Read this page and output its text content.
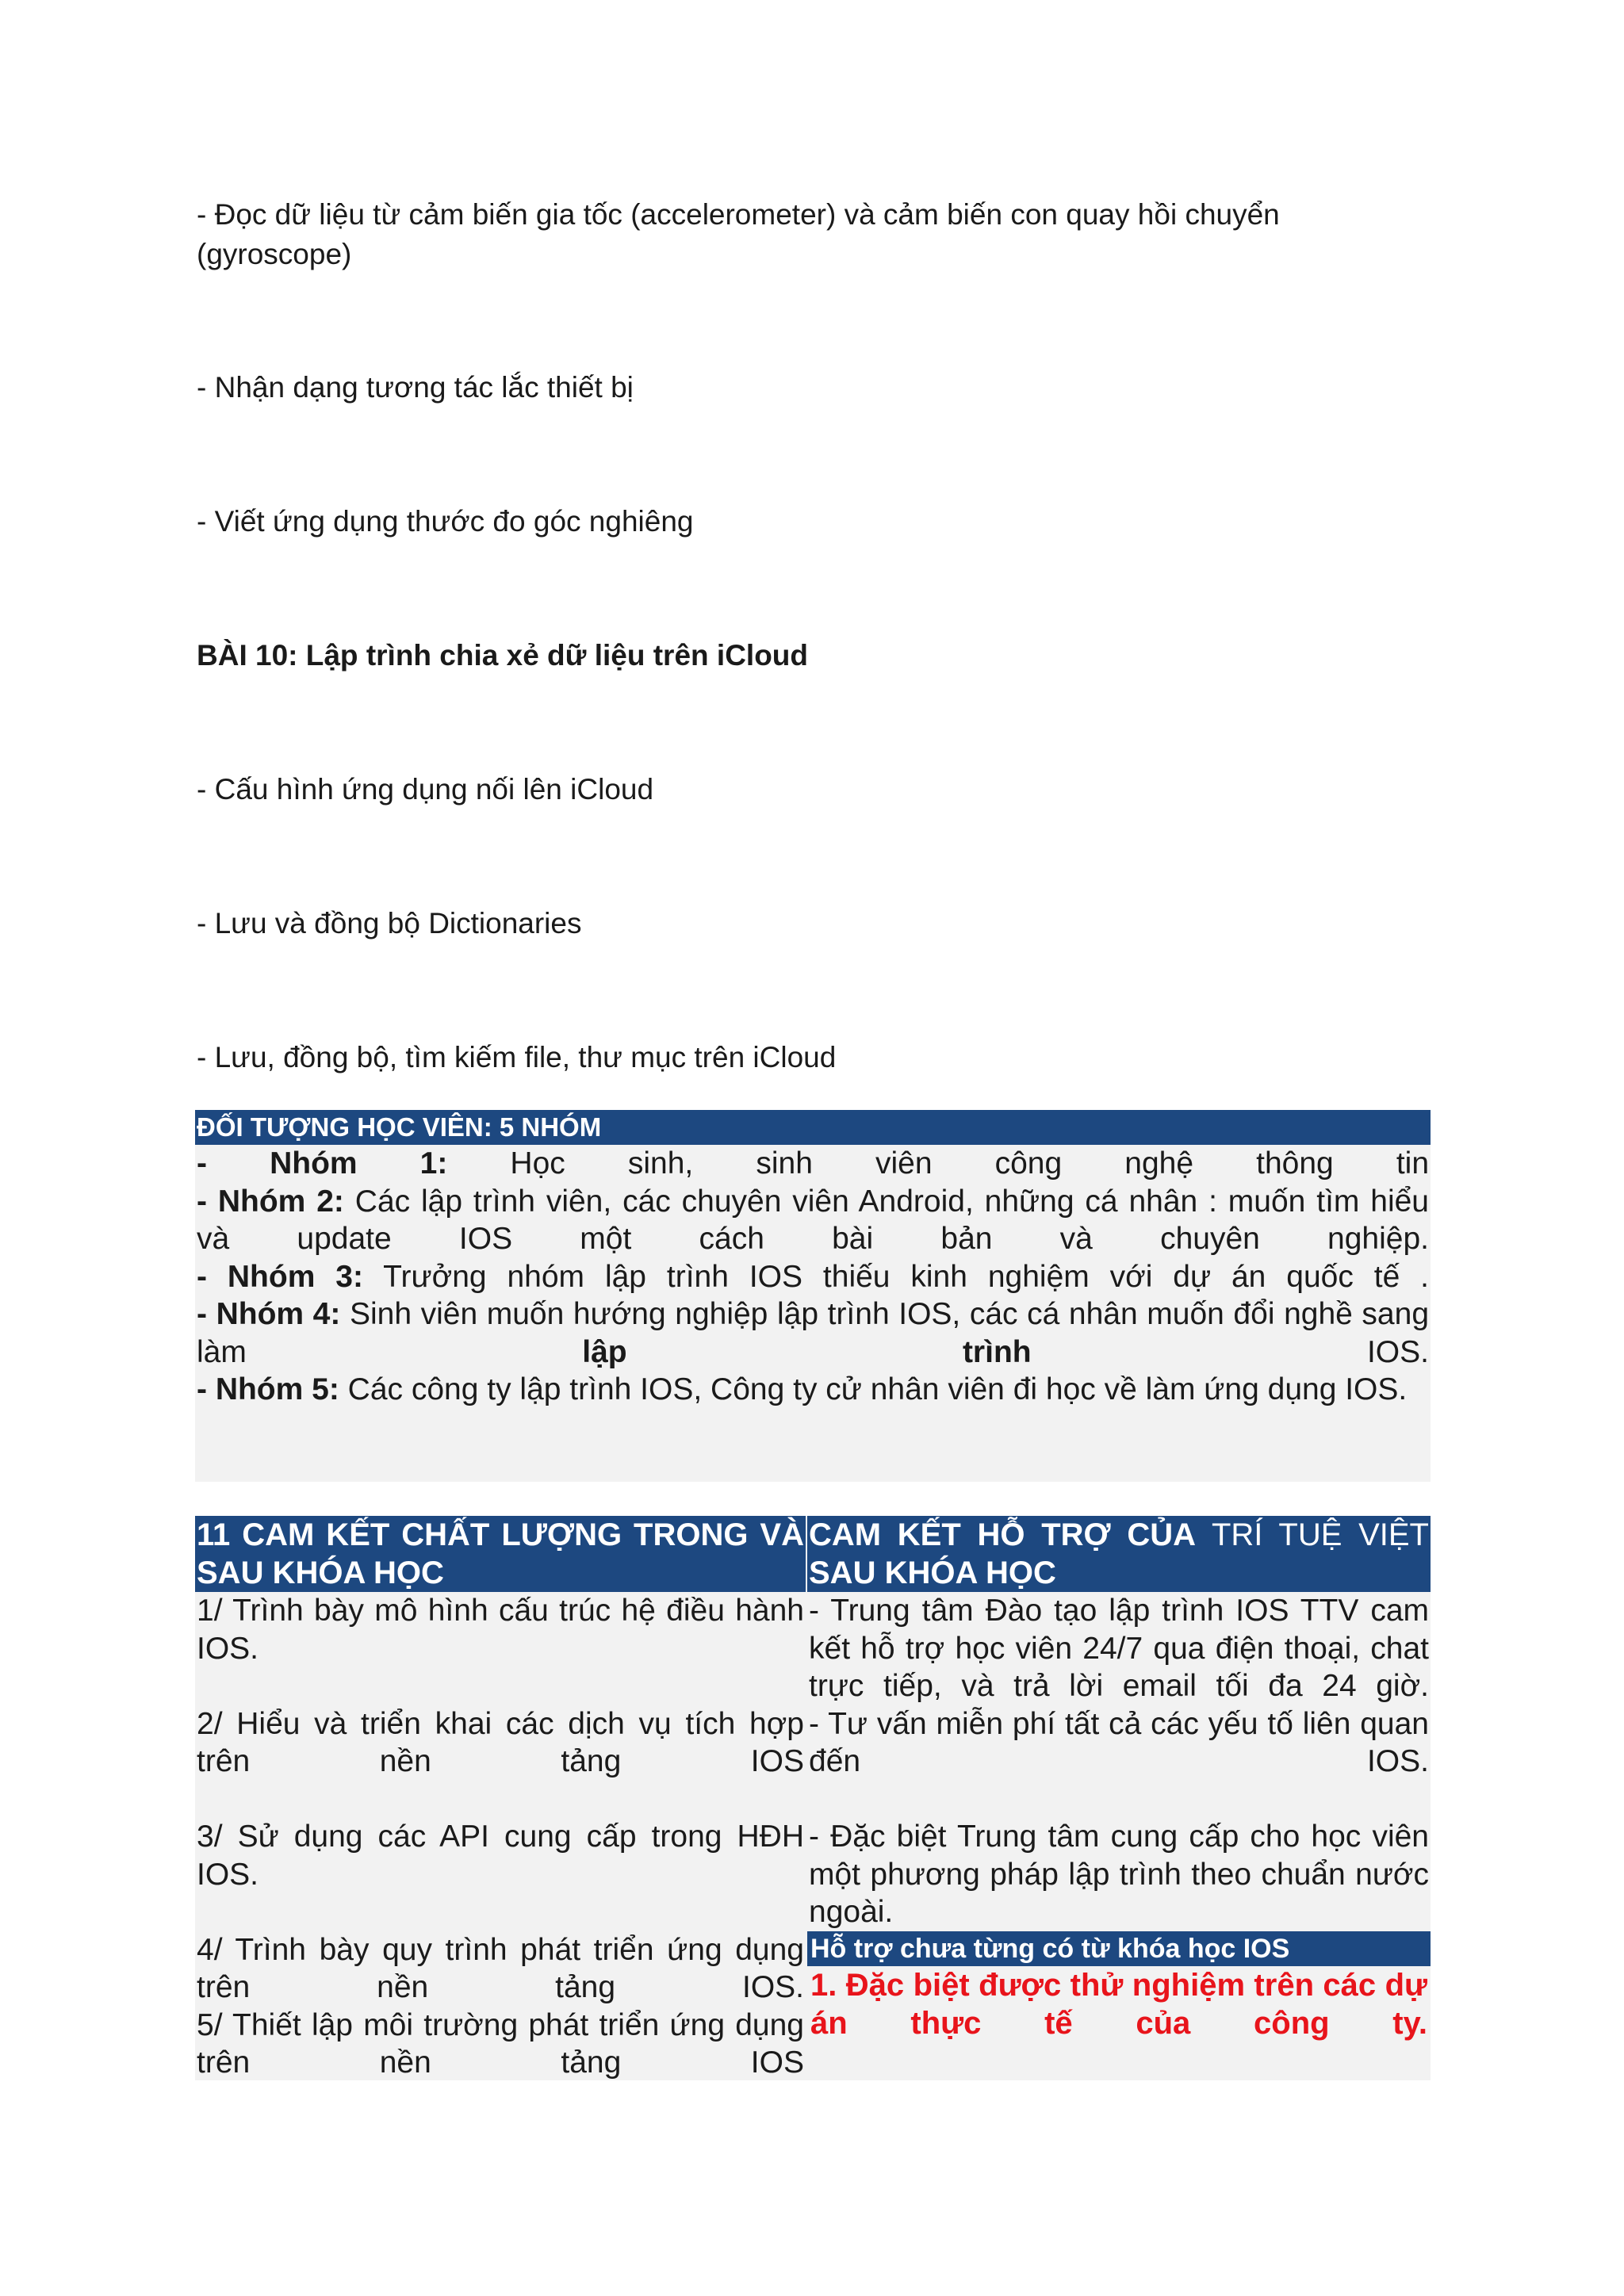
- Đọc dữ liệu từ cảm biến gia tốc (accelerometer) và cảm biến con quay hồi chuyển

(gyroscope)

- Nhận dạng tương tác lắc thiết bị

- Viết ứng dụng thước đo góc nghiêng

BÀI 10: Lập trình chia xẻ dữ liệu trên iCloud

- Cấu hình ứng dụng nối lên iCloud

- Lưu và đồng bộ Dictionaries

- Lưu, đồng bộ, tìm kiếm file, thư mục trên iCloud

ĐỐI TƯỢNG HỌC VIÊN: 5 NHÓM

- Nhóm 1: Học sinh, sinh viên công nghệ thông tin

- Nhóm 2: Các lập trình viên, các chuyên viên Android, những cá nhân : muốn tìm hiểu và update IOS một cách bài bản và chuyên nghiệp.

- Nhóm 3: Trưởng nhóm lập trình IOS thiếu kinh nghiệm với dự án quốc tế .

- Nhóm 4: Sinh viên muốn hướng nghiệp lập trình IOS, các cá nhân muốn đổi nghề sang làm lập trình IOS.

- Nhóm 5: Các công ty lập trình IOS, Công ty cử nhân viên đi học về làm ứng dụng IOS.

11 CAM KẾT CHẤT LƯỢNG TRONG VÀ SAU KHÓA HỌC

1/ Trình bày mô hình cấu trúc hệ điều hành IOS.

2/ Hiểu và triển khai các dịch vụ tích hợp trên nền tảng IOS

3/ Sử dụng các API cung cấp trong HĐH IOS.

4/ Trình bày quy trình phát triển ứng dụng trên nền tảng IOS.

5/ Thiết lập môi trường phát triển ứng dụng trên nền tảng IOS

CAM KẾT HỖ TRỢ CỦA TRÍ TUỆ VIỆT SAU KHÓA HỌC

- Trung tâm Đào tạo lập trình IOS TTV cam kết hỗ trợ học viên 24/7 qua điện thoại, chat trực tiếp, và trả lời email tối đa 24 giờ.

- Tư vấn miễn phí tất cả các yếu tố liên quan đến IOS.

- Đặc biệt Trung tâm cung cấp cho học viên một phương pháp lập trình theo chuẩn nước ngoài.

Hỗ trợ chưa từng có từ khóa học IOS

1. Đặc biệt được thử nghiệm trên các dự án thực tế của công ty.
